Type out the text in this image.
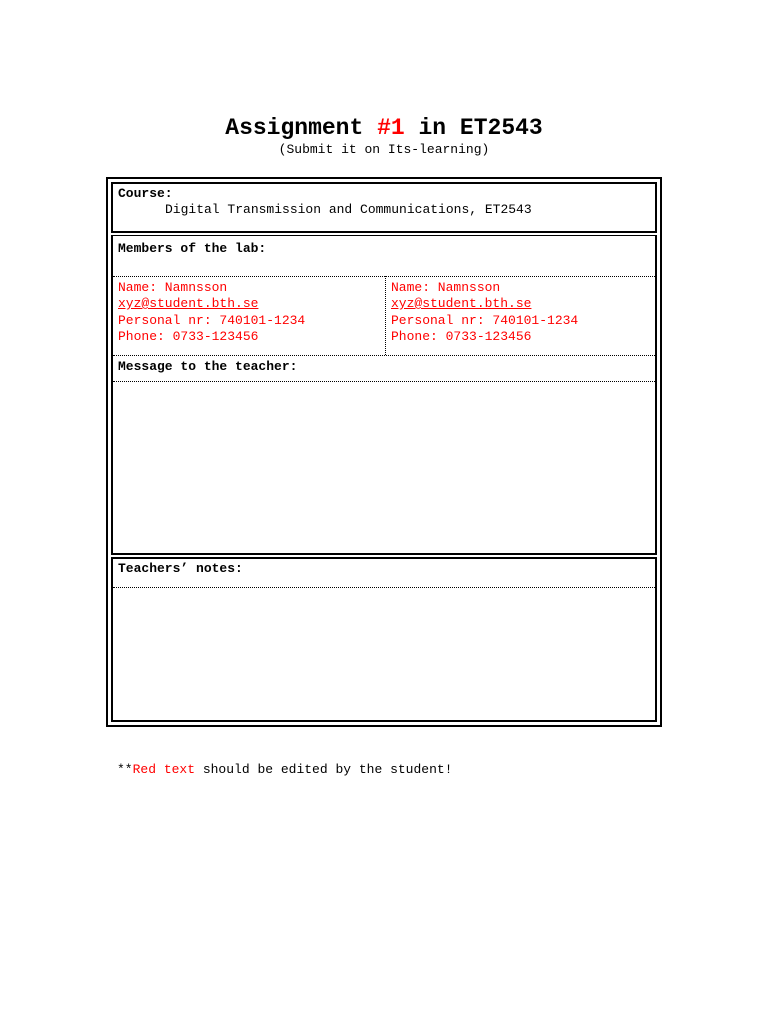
Assignment #1 in ET2543
(Submit it on Its-learning)
Course:
Digital Transmission and Communications, ET2543
Members of the lab:
Name: Namnsson
xyz@student.bth.se
Personal nr: 740101-1234
Phone: 0733-123456
Name: Namnsson
xyz@student.bth.se
Personal nr: 740101-1234
Phone: 0733-123456
Message to the teacher:
Teachers’ notes:
**Red text should be edited by the student!
